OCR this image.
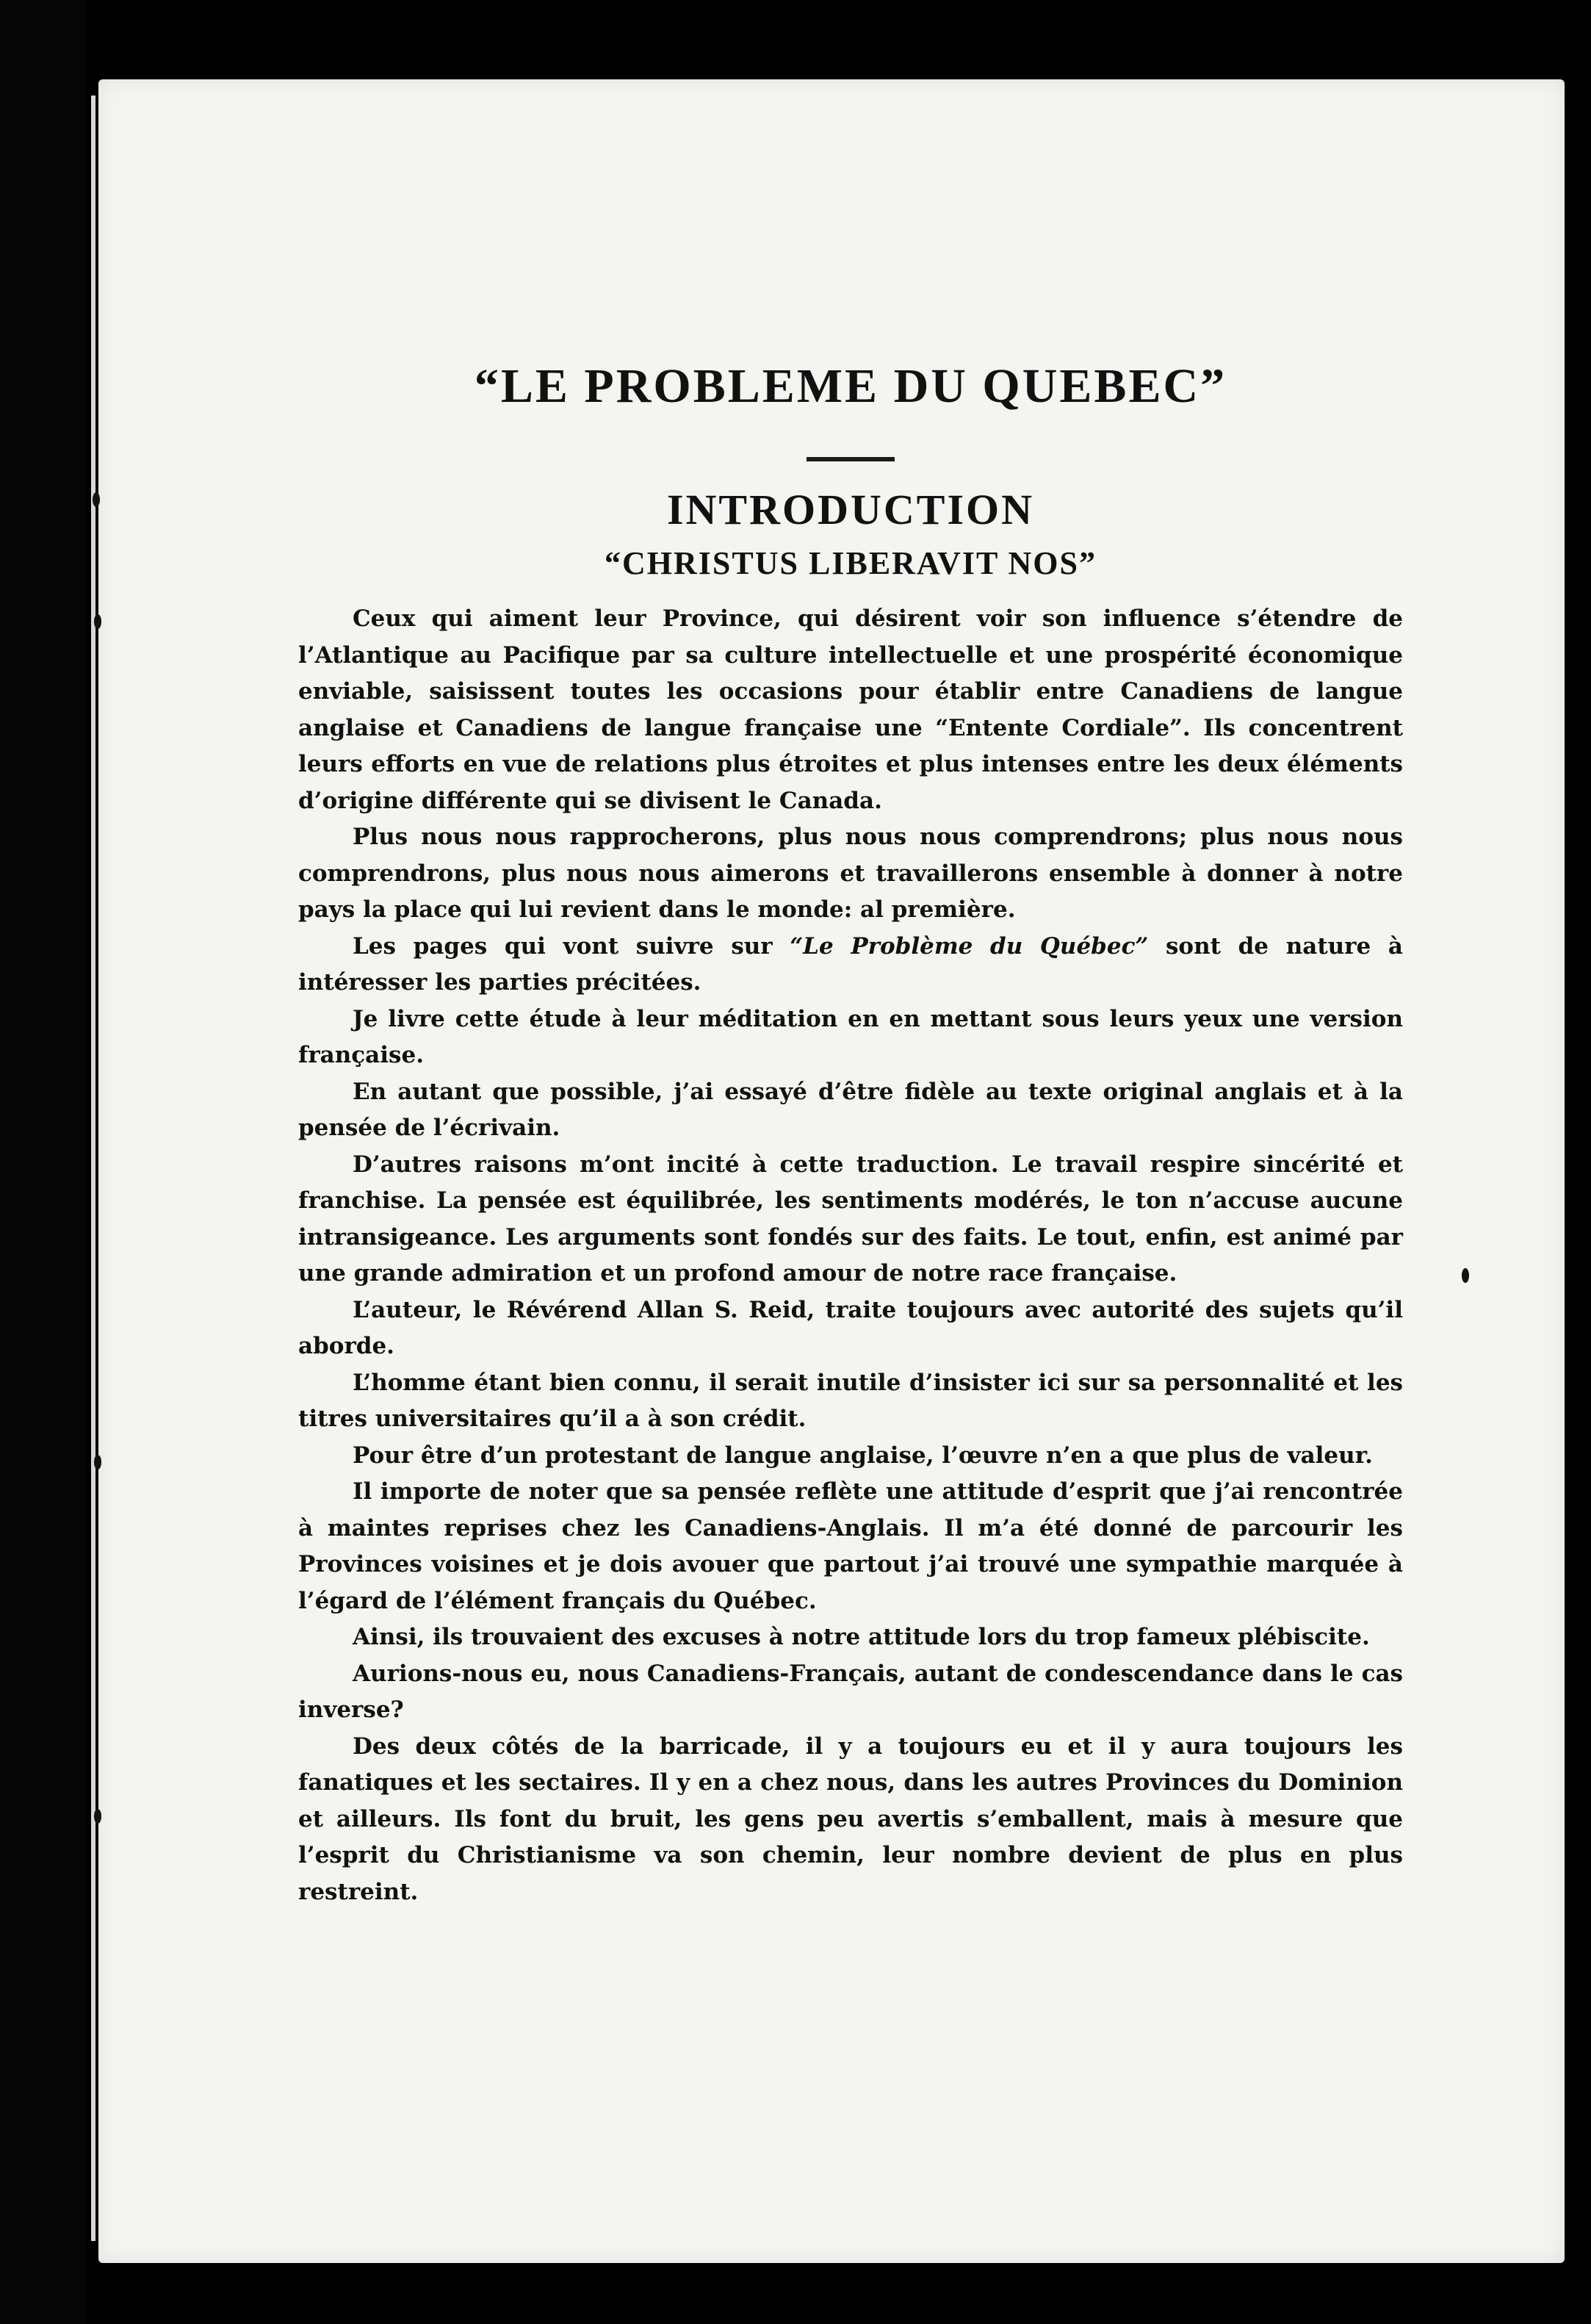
“LE PROBLEME DU QUEBEC”
INTRODUCTION
“CHRISTUS LIBERAVIT NOS”

Ceux qui aiment leur Province, qui désirent voir son influence s’étendre de l’Atlantique au Pacifique par sa culture intellectuelle et une prospérité économique enviable, saisissent toutes les occasions pour établir entre Canadiens de langue anglaise et Canadiens de langue française une “Entente Cordiale”. Ils concentrent leurs efforts en vue de relations plus étroites et plus intenses entre les deux éléments d’origine différente qui se divisent le Canada.

Plus nous nous rapprocherons, plus nous nous comprendrons; plus nous nous comprendrons, plus nous nous aimerons et travaillerons ensemble à donner à notre pays la place qui lui revient dans le monde: al première.

Les pages qui vont suivre sur “Le Problème du Québec” sont de nature à intéresser les parties précitées.

Je livre cette étude à leur méditation en en mettant sous leurs yeux une version française.

En autant que possible, j’ai essayé d’être fidèle au texte original anglais et à la pensée de l’écrivain.

D’autres raisons m’ont incité à cette traduction. Le travail respire sincérité et franchise. La pensée est équilibrée, les sentiments modérés, le ton n’accuse aucune intransigeance. Les arguments sont fondés sur des faits. Le tout, enfin, est animé par une grande admiration et un profond amour de notre race française.

L’auteur, le Révérend Allan S. Reid, traite toujours avec autorité des sujets qu’il aborde.

L’homme étant bien connu, il serait inutile d’insister ici sur sa personnalité et les titres universitaires qu’il a à son crédit.

Pour être d’un protestant de langue anglaise, l’œuvre n’en a que plus de valeur.

Il importe de noter que sa pensée reflète une attitude d’esprit que j’ai rencontrée à maintes reprises chez les Canadiens-Anglais. Il m’a été donné de parcourir les Provinces voisines et je dois avouer que partout j’ai trouvé une sympathie marquée à l’égard de l’élément français du Québec.

Ainsi, ils trouvaient des excuses à notre attitude lors du trop fameux plébiscite.

Aurions-nous eu, nous Canadiens-Français, autant de condescendance dans le cas inverse?

Des deux côtés de la barricade, il y a toujours eu et il y aura toujours les fanatiques et les sectaires. Il y en a chez nous, dans les autres Provinces du Dominion et ailleurs. Ils font du bruit, les gens peu avertis s’emballent, mais à mesure que l’esprit du Christianisme va son chemin, leur nombre devient de plus en plus restreint.
